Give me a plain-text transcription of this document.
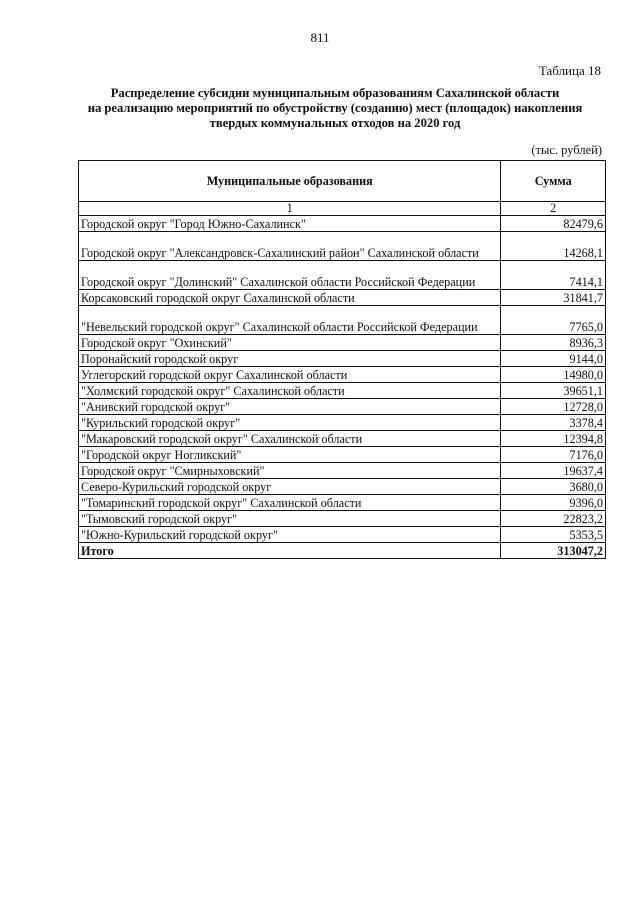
811
Таблица 18
Распределение субсидии муниципальным образованиям Сахалинской области
на реализацию мероприятий по обустройству (созданию) мест (площадок) накопления
твердых коммунальных отходов на 2020 год
(тыс. рублей)
Муниципальные образования	Сумма
1	2
Городской округ "Город Южно-Сахалинск"	82479,6
Городской округ "Александровск-Сахалинский район" Сахалинской области	14268,1
Городской округ "Долинский" Сахалинской области Российской Федерации	7414,1
Корсаковский городской округ Сахалинской области	31841,7
"Невельский городской округ" Сахалинской области Российской Федерации	7765,0
Городской округ "Охинский"	8936,3
Поронайский городской округ	9144,0
Углегорский городской округ Сахалинской области	14980,0
"Холмский городской округ" Сахалинской области	39651,1
"Анивский городской округ"	12728,0
"Курильский городской округ"	3378,4
"Макаровский городской округ" Сахалинской области	12394,8
"Городской округ Ногликский"	7176,0
Городской округ "Смирныховский"	19637,4
Северо-Курильский городской округ	3680,0
"Томаринский городской округ" Сахалинской области	9396,0
"Тымовский городской округ"	22823,2
"Южно-Курильский городской округ"	5353,5
Итого	313047,2
